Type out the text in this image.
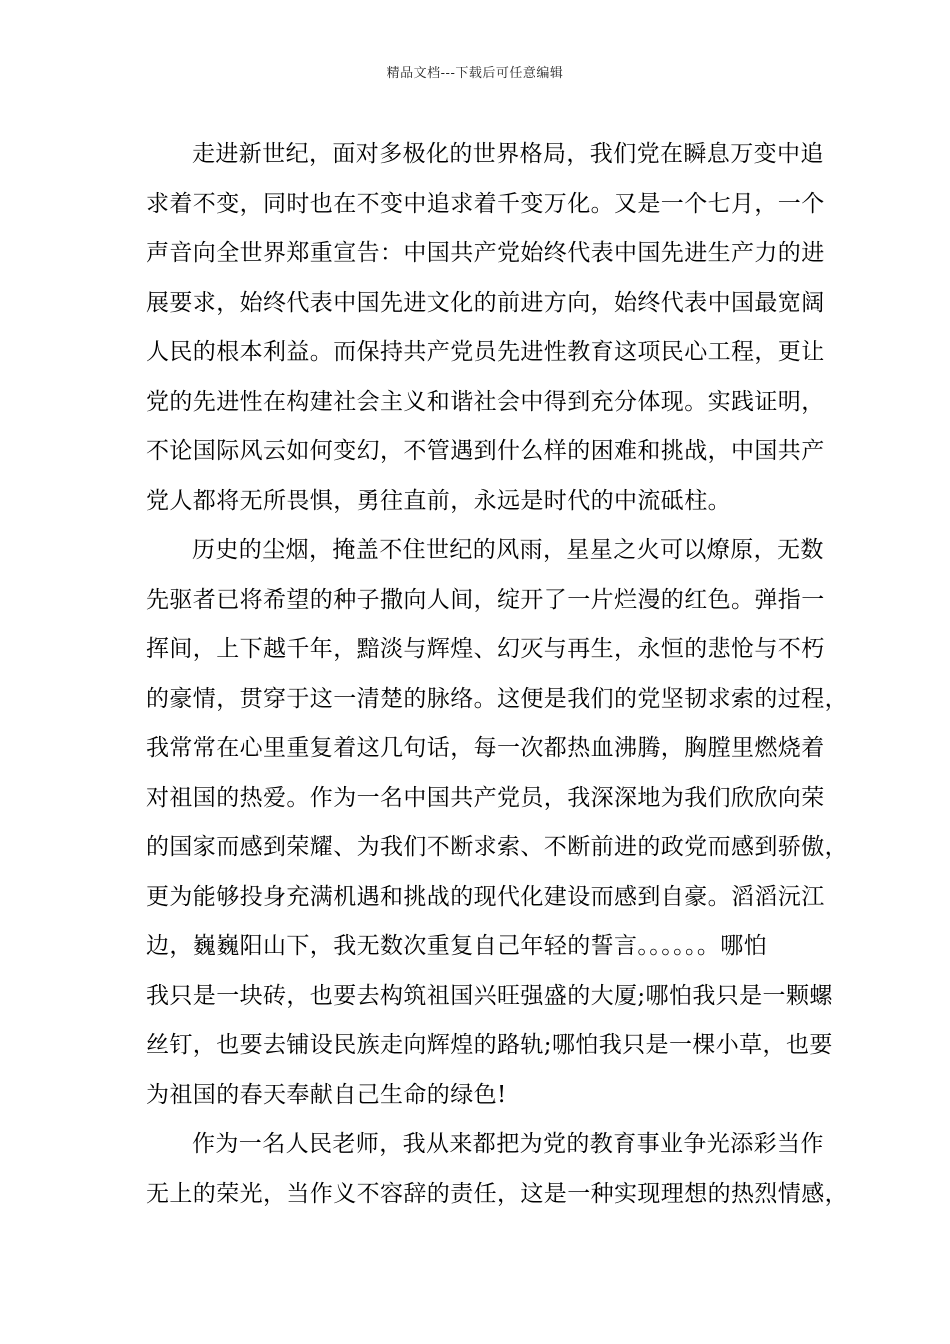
精品文档---下载后可任意编辑

走进新世纪，面对多极化的世界格局，我们党在瞬息万变中追
求着不变，同时也在不变中追求着千变万化。又是一个七月，一个
声音向全世界郑重宣告：中国共产党始终代表中国先进生产力的进
展要求，始终代表中国先进文化的前进方向，始终代表中国最宽阔
人民的根本利益。而保持共产党员先进性教育这项民心工程，更让
党的先进性在构建社会主义和谐社会中得到充分体现。实践证明，
不论国际风云如何变幻，不管遇到什么样的困难和挑战，中国共产
党人都将无所畏惧，勇往直前，永远是时代的中流砥柱。

历史的尘烟，掩盖不住世纪的风雨，星星之火可以燎原，无数
先驱者已将希望的种子撒向人间，绽开了一片烂漫的红色。弹指一
挥间，上下越千年，黯淡与辉煌、幻灭与再生，永恒的悲怆与不朽
的豪情，贯穿于这一清楚的脉络。这便是我们的党坚韧求索的过程，
我常常在心里重复着这几句话，每一次都热血沸腾，胸膛里燃烧着
对祖国的热爱。作为一名中国共产党员，我深深地为我们欣欣向荣
的国家而感到荣耀、为我们不断求索、不断前进的政党而感到骄傲，
更为能够投身充满机遇和挑战的现代化建设而感到自豪。滔滔沅江
边，巍巍阳山下，我无数次重复自己年轻的誓言。。。。。。哪怕
我只是一块砖，也要去构筑祖国兴旺强盛的大厦;哪怕我只是一颗螺
丝钉，也要去铺设民族走向辉煌的路轨;哪怕我只是一棵小草，也要
为祖国的春天奉献自己生命的绿色!

作为一名人民老师，我从来都把为党的教育事业争光添彩当作
无上的荣光，当作义不容辞的责任，这是一种实现理想的热烈情感，
